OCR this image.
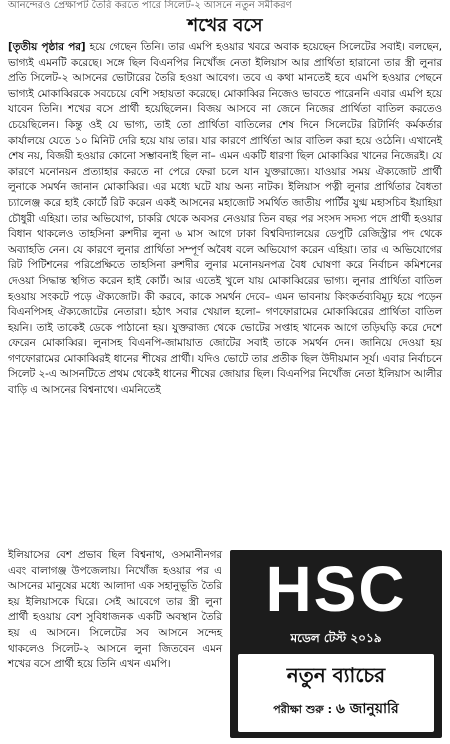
আনন্দেরও প্রেক্ষাপট তৈরি করতে পারে সিলেট-২ আসনে নতুন সমীকরণ
শখের বসে

[তৃতীয় পৃষ্ঠার পর] হয়ে গেছেন তিনি। তার এমপি হওয়ার খবরে অবাক হয়েছেন সিলেটের সবাই। বলছেন, ভাগ্যই এমনটি করেছে। সঙ্গে ছিল বিএনপির নিখোঁজ নেতা ইলিয়াস আর প্রার্থিতা হারানো তার স্ত্রী লুনার প্রতি সিলেট-২ আসনের ভোটারের তৈরি হওয়া আবেগ। তবে এ কথা মানতেই হবে এমপি হওয়ার পেছনে ভাগ্যই মোকাব্বিরকে সবচেয়ে বেশি সহায়তা করেছে। মোকাব্বির নিজেও ভাবতে পারেননি এবার এমপি হয়ে যাবেন তিনি। শখের বসে প্রার্থী হয়েছিলেন। বিজয় আসবে না জেনে নিজের প্রার্থিতা বাতিল করতেও চেয়েছিলেন। কিন্তু ওই যে ভাগ্য, তাই তো প্রার্থিতা বাতিলের শেষ দিনে সিলেটের রিটার্নিং কর্মকর্তার কার্যালয়ে যেতে ১০ মিনিট দেরি হয়ে যায় তার। যার কারণে প্রার্থিতা আর বাতিল করা হয়ে ওঠেনি। এখানেই শেষ নয়, বিজয়ী হওয়ার কোনো সম্ভাবনাই ছিল না– এমন একটি ধারণা ছিল মোকাব্বির খানের নিজেরই। যে কারণে মনোনয়ন প্রত্যাহার করতে না পেরে ফেরা চলে যান যুক্তরাজ্যে। যাওয়ার সময় ঐক্যজোট প্রার্থী লুনাকে সমর্থন জানান মোকাব্বির। এর মধ্যে ঘটে যায় অন্য নাটক। ইলিয়াস পত্নী লুনার প্রার্থিতার বৈধতা চ্যালেঞ্জ করে হাই কোর্টে রিট করেন একই আসনের মহাজোট সমর্থিত জাতীয় পার্টির যুগ্ম মহাসচিব ইয়াহিয়া চৌধুরী এহিয়া। তার অভিযোগ, চাকরি থেকে অবসর নেওয়ার তিন বছর পর সংসদ সদস্য পদে প্রার্থী হওয়ার বিধান থাকলেও তাহসিনা রুশদীর লুনা ৬ মাস আগে ঢাকা বিশ্ববিদ্যালয়ের ডেপুটি রেজিস্ট্রার পদ থেকে অব্যাহতি নেন। যে কারণে লুনার প্রার্থিতা সম্পূর্ণ অবৈধ বলে অভিযোগ করেন এহিয়া। তার এ অভিযোগের রিট পিটিশনের পরিপ্রেক্ষিতে তাহসিনা রুশদীর লুনার মনোনয়নপত্র বৈধ ঘোষণা করে নির্বাচন কমিশনের দেওয়া সিদ্ধান্ত স্থগিত করেন হাই কোর্ট। আর এতেই খুলে যায় মোকাব্বিরের ভাগ্য। লুনার প্রার্থিতা বাতিল হওয়ায় সংকটে পড়ে ঐক্যজোট। কী করবে, কাকে সমর্থন দেবে– এমন ভাবনায় কিংকর্তব্যবিমূঢ় হয়ে পড়েন বিএনপিসহ ঐক্যজোটের নেতারা। হঠাৎ সবার খেয়াল হলো– গণফোরামের মোকাব্বিরের প্রার্থিতা বাতিল হয়নি। তাই তাকেই ডেকে পাঠানো হয়। যুক্তরাজ্য থেকে ভোটের সপ্তাহ খানেক আগে তড়িঘড়ি করে দেশে ফেরেন মোকাব্বির। লুনাসহ বিএনপি-জামায়াত জোটের সবাই তাকে সমর্থন দেন। জানিয়ে দেওয়া হয় গণফোরামের মোকাব্বিরই ধানের শীষের প্রার্থী। যদিও ভোটে তার প্রতীক ছিল উদীয়মান সূর্য। এবার নির্বাচনে সিলেট ২-এ আসনটিতে প্রথম থেকেই ধানের শীষের জোয়ার ছিল। বিএনপির নিখোঁজ নেতা ইলিয়াস আলীর বাড়ি এ আসনের বিশ্বনাথে। এমনিতেই

ইলিয়াসের বেশ প্রভাব ছিল বিশ্বনাথ, ওসমানীনগর এবং বালাগঞ্জ উপজেলায়। নিখোঁজ হওয়ার পর এ আসনের মানুষের মধ্যে আলাদা এক সহানুভূতি তৈরি হয় ইলিয়াসকে ঘিরে। সেই আবেগে তার স্ত্রী লুনা প্রার্থী হওয়ায় বেশ সুবিধাজনক একটি অবস্থান তৈরি হয় এ আসনে। সিলেটের সব আসনে সন্দেহ থাকলেও সিলেট-২ আসনে লুনা জিতবেন এমন শখের বসে প্রার্থী হয়ে তিনি এখন এমপি।
HSC
মডেল টেস্ট ২০১৯
নতুন ব্যাচের
পরীক্ষা শুরু : ৬ জানুয়ারি
